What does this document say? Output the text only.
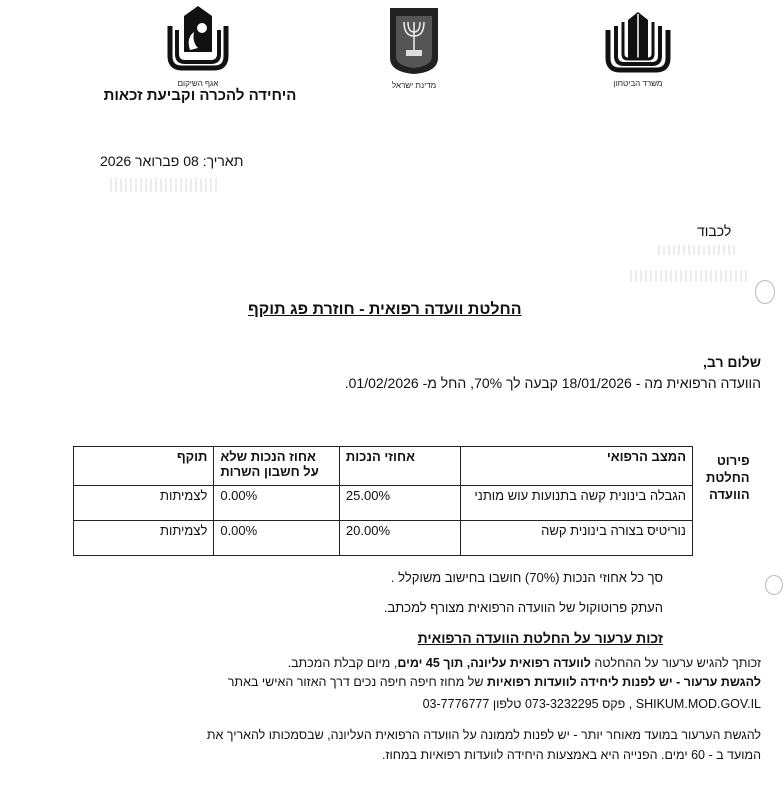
אגף השיקום
היחידה להכרה וקביעת זכאות
מדינת ישראל	משרד הביטחון
תאריך: 08 פברואר 2026
לכבוד
החלטת וועדה רפואית - חוזרת פג תוקף
שלום רב,
הוועדה הרפואית מה - 18/01/2026 קבעה לך 70%, החל מ- 01/02/2026.
פירוט
החלטת
הוועדה
המצב הרפואי	אחוזי הנכות	אחוז הנכות שלא על חשבון השרות	תוקף
הגבלה בינונית קשה בתנועות עוש מותני	25.00%	0.00%	לצמיתות
נוריטיס בצורה בינונית קשה	20.00%	0.00%	לצמיתות
סך כל אחוזי הנכות (70%) חושבו בחישוב משוקלל .
העתק פרוטוקול של הוועדה הרפואית מצורף למכתב.
זכות ערעור על החלטת הוועדה הרפואית
זכותך להגיש ערעור על ההחלטה לוועדה רפואית עליונה, תוך 45 ימים, מיום קבלת המכתב.
להגשת ערעור - יש לפנות ליחידה לוועדות רפואיות של מחוז חיפה חיפה נכים דרך האזור האישי באתר
SHIKUM.MOD.GOV.IL , פקס 073-3232295 טלפון 03-7776777
להגשת הערעור במועד מאוחר יותר - יש לפנות לממונה על הוועדה הרפואית העליונה, שבסמכותו להאריך את
המועד ב - 60 ימים. הפנייה היא באמצעות היחידה לוועדות רפואיות במחוז.
